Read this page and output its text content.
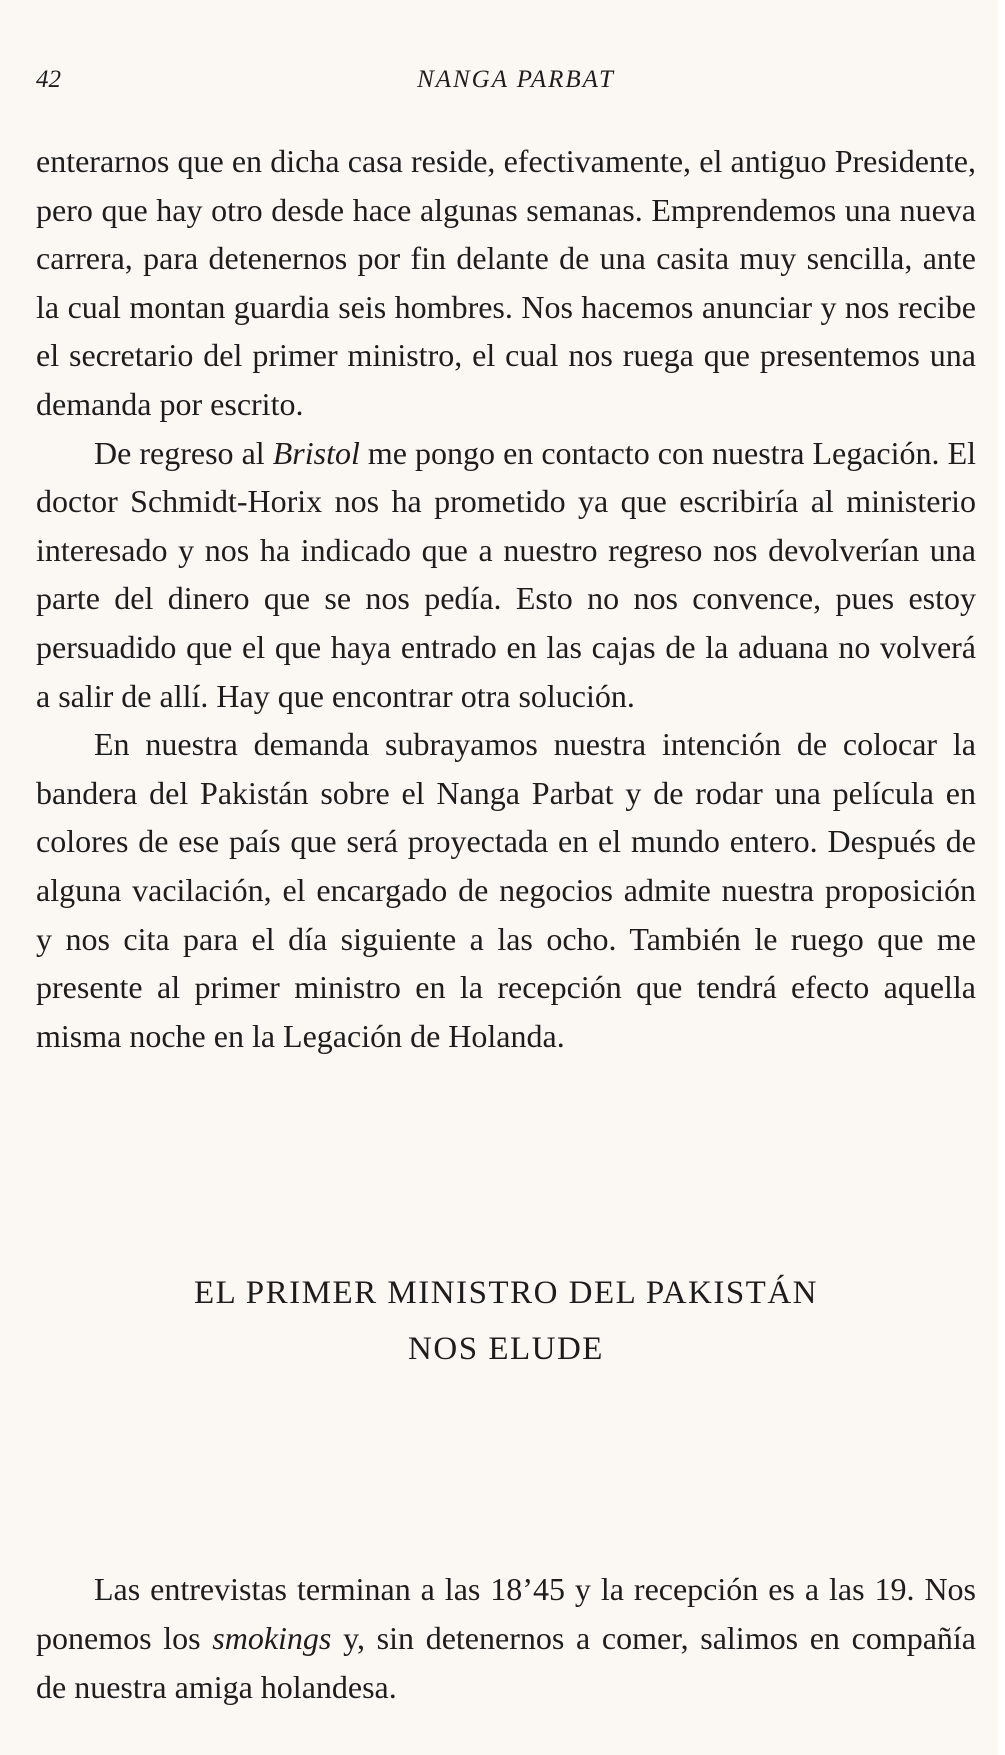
42	NANGA PARBAT

enterarnos que en dicha casa reside, efectivamente, el antiguo Presidente, pero que hay otro desde hace algunas semanas. Emprendemos una nueva carrera, para detenernos por fin delante de una casita muy sencilla, ante la cual montan guardia seis hombres. Nos hacemos anunciar y nos recibe el secretario del primer ministro, el cual nos ruega que presentemos una demanda por escrito.

De regreso al Bristol me pongo en contacto con nuestra Legación. El doctor Schmidt-Horix nos ha prometido ya que escribiría al ministerio interesado y nos ha indicado que a nuestro regreso nos devolverían una parte del dinero que se nos pedía. Esto no nos convence, pues estoy persuadido que el que haya entrado en las cajas de la aduana no volverá a salir de allí. Hay que encontrar otra solución.

En nuestra demanda subrayamos nuestra intención de colocar la bandera del Pakistán sobre el Nanga Parbat y de rodar una película en colores de ese país que será proyectada en el mundo entero. Después de alguna vacilación, el encargado de negocios admite nuestra proposición y nos cita para el día siguiente a las ocho. También le ruego que me presente al primer ministro en la recepción que tendrá efecto aquella misma noche en la Legación de Holanda.

EL PRIMER MINISTRO DEL PAKISTÁN
NOS ELUDE

Las entrevistas terminan a las 18’45 y la recepción es a las 19. Nos ponemos los smokings y, sin detenernos a comer, salimos en compañía de nuestra amiga holandesa.
